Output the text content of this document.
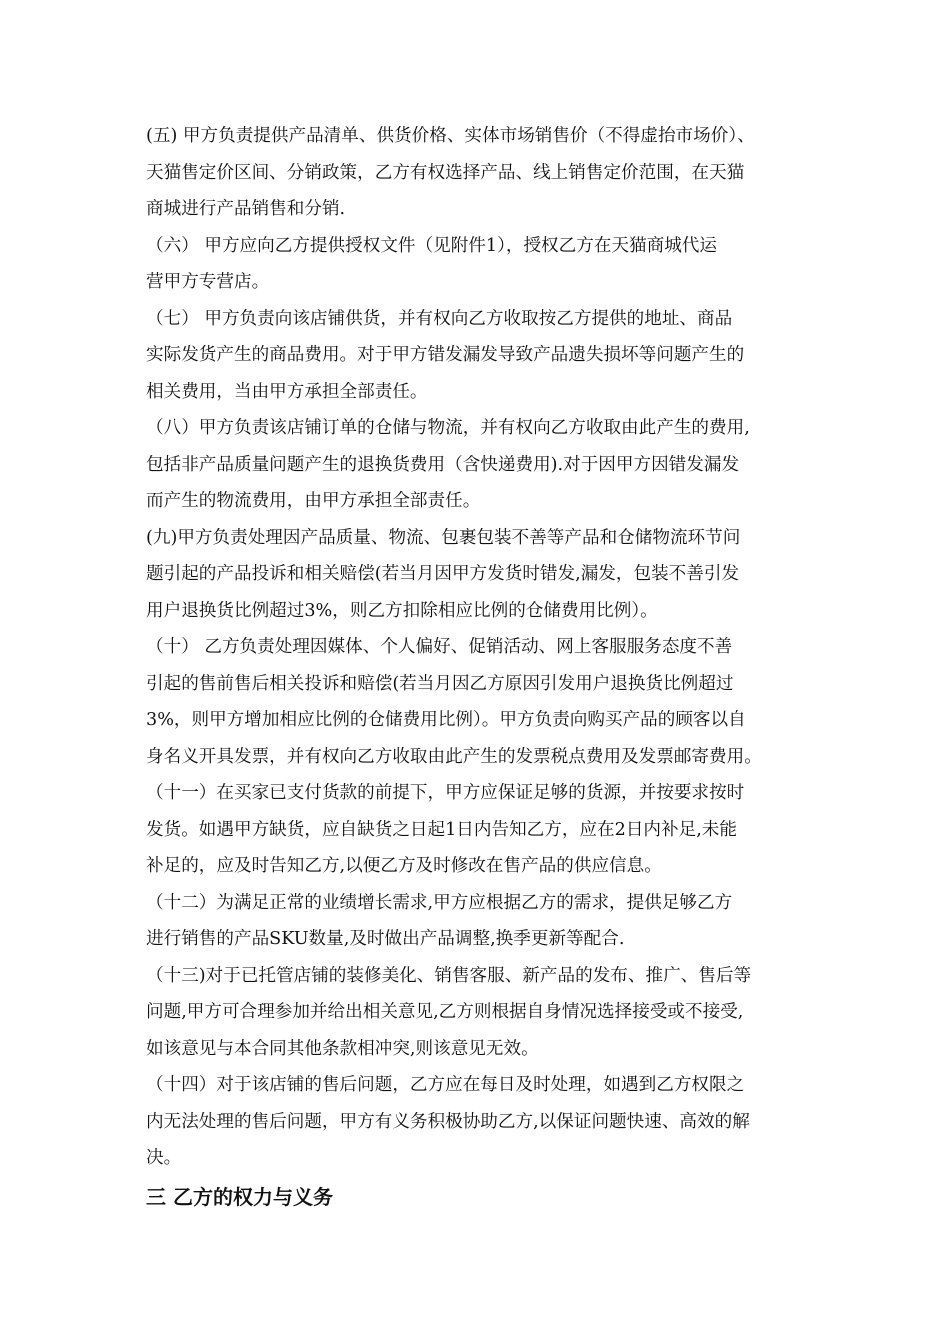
(五) 甲方负责提供产品清单、供货价格、实体市场销售价（不得虚抬市场价）、
天猫售定价区间、分销政策，乙方有权选择产品、线上销售定价范围，在天猫
商城进行产品销售和分销.

（六） 甲方应向乙方提供授权文件（见附件1），授权乙方在天猫商城代运
营甲方专营店。

（七） 甲方负责向该店铺供货，并有权向乙方收取按乙方提供的地址、商品
实际发货产生的商品费用。对于甲方错发漏发导致产品遗失损坏等问题产生的
相关费用，当由甲方承担全部责任。

（八）甲方负责该店铺订单的仓储与物流，并有权向乙方收取由此产生的费用,
包括非产品质量问题产生的退换货费用（含快递费用).对于因甲方因错发漏发
而产生的物流费用，由甲方承担全部责任。

(九)甲方负责处理因产品质量、物流、包裹包装不善等产品和仓储物流环节问
题引起的产品投诉和相关赔偿(若当月因甲方发货时错发,漏发，包装不善引发
用户退换货比例超过3%，则乙方扣除相应比例的仓储费用比例）。

（十） 乙方负责处理因媒体、个人偏好、促销活动、网上客服服务态度不善
引起的售前售后相关投诉和赔偿(若当月因乙方原因引发用户退换货比例超过
3%，则甲方增加相应比例的仓储费用比例）。甲方负责向购买产品的顾客以自
身名义开具发票，并有权向乙方收取由此产生的发票税点费用及发票邮寄费用。

（十一）在买家已支付货款的前提下，甲方应保证足够的货源，并按要求按时
发货。如遇甲方缺货，应自缺货之日起1日内告知乙方，应在2日内补足,未能
补足的，应及时告知乙方,以便乙方及时修改在售产品的供应信息。

（十二）为满足正常的业绩增长需求,甲方应根据乙方的需求，提供足够乙方
进行销售的产品SKU数量,及时做出产品调整,换季更新等配合.

（十三)对于已托管店铺的装修美化、销售客服、新产品的发布、推广、售后等
问题,甲方可合理参加并给出相关意见,乙方则根据自身情况选择接受或不接受,
如该意见与本合同其他条款相冲突,则该意见无效。

（十四）对于该店铺的售后问题，乙方应在每日及时处理，如遇到乙方权限之
内无法处理的售后问题，甲方有义务积极协助乙方,以保证问题快速、高效的解
决。

三 乙方的权力与义务
